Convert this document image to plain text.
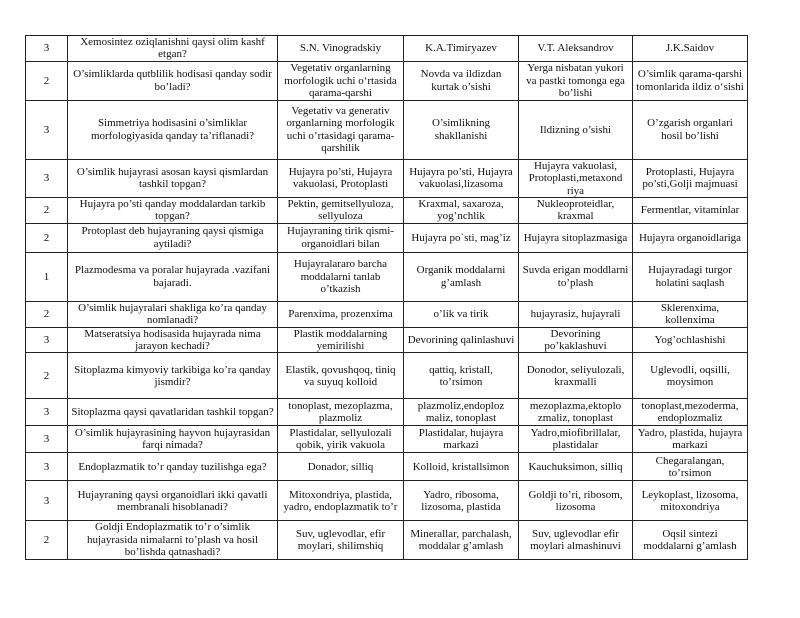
3	Xemosintez oziqlanishni qaysi olim kashf etgan?	S.N. Vinogradskiy	K.A.Timiryazev	V.T. Aleksandrov	J.K.Saidov
2	O’simliklarda qutblilik hodisasi qanday sodir bo’ladi?	Vegetativ organlarning morfologik uchi o‘rtasida qarama-qarshi	Novda va ildizdan kurtak o’sishi	Yerga nisbatan yukori va pastki tomonga ega bo’lishi	O’simlik qarama-qarshi tomonlarida ildiz o‘sishi
3	Simmetriya hodisasini o’simliklar morfologiyasida qanday ta’riflanadi?	Vegetativ va generativ organlarning morfologik uchi o’rtasidagi qarama-qarshilik	O’simlikning shakllanishi	Ildizning o’sishi	O’zgarish organlari hosil bo’lishi
3	O’simlik hujayrasi asosan kaysi qismlardan tashkil topgan?	Hujayra po’sti, Hujayra vakuolasi, Protoplasti	Hujayra po’sti, Hujayra vakuolasi,lizasoma	Hujayra vakuolasi, Protoplasti,metaxond riya	Protoplasti, Hujayra po’sti,Golji majmuasi
2	Hujayra po’sti qanday moddalardan tarkib topgan?	Pektin, gemitsellyuloza, sellyuloza	Kraxmal, saxaroza, yog’nchlik	Nukleoproteidlar, kraxmal	Fermentlar, vitaminlar
2	Protoplast deb hujayraning qaysi qismiga aytiladi?	Hujayraning tirik qismi-organoidlari bilan	Hujayra po`sti, mag’iz	Hujayra sitoplazmasiga	Hujayra organoidlariga
1	Plazmodesma va poralar hujayrada .vazifani bajaradi.	Hujayralararo barcha moddalarni tanlab o’tkazish	Organik moddalarni g’amlash	Suvda erigan moddlarni to’plash	Hujayradagi turgor holatini saqlash
2	O’simlik hujayralari shakliga ko’ra qanday nomlanadi?	Parenxima, prozenxima	o’lik va tirik	hujayrasiz, hujayrali	Sklerenxima, kollenxima
3	Matseratsiya hodisasida hujayrada nima jarayon kechadi?	Plastik moddalarning yemirilishi	Devorining qalinlashuvi	Devorining po’kaklashuvi	Yog’ochlashishi
2	Sitoplazma kimyoviy tarkibiga ko’ra qanday jismdir?	Elastik, qovushqoq, tiniq va suyuq kolloid	qattiq, kristall, to’rsimon	Donodor, seliyulozali, kraxmalli	Uglevodli, oqsilli, moysimon
3	Sitoplazma qaysi qavatlaridan tashkil topgan?	tonoplast, mezoplazma, plazmoliz	plazmoliz,endoploz maliz, tonoplast	mezoplazma,ektoplo zmaliz, tonoplast	tonoplast,mezoderma, endoplozmaliz
3	O’simlik hujayrasining hayvon hujayrasidan farqi nimada?	Plastidalar, sellyulozali qobik, yirik vakuola	Plastidalar, hujayra markazi	Yadro,miofibrillalar, plastidalar	Yadro, plastida, hujayra markazi
3	Endoplazmatik to’r qanday tuzilishga ega?	Donador, silliq	Kolloid, kristallsimon	Kauchuksimon, silliq	Chegaralangan, to’rsimon
3	Hujayraning qaysi organoidlari ikki qavatli membranali hisoblanadi?	Mitoxondriya, plastida, yadro, endoplazmatik to’r	Yadro, ribosoma, lizosoma, plastida	Goldji to’ri, ribosom, lizosoma	Leykoplast, lizosoma, mitoxondriya
2	Goldji Endoplazmatik to’r o’simlik hujayrasida nimalarni to’plash va hosil bo’lishda qatnashadi?	Suv, uglevodlar, efir moylari, shilimshiq	Minerallar, parchalash, moddalar g’amlash	Suv, uglevodlar efir moylari almashinuvi	Oqsil sintezi moddalarni g’amlash
